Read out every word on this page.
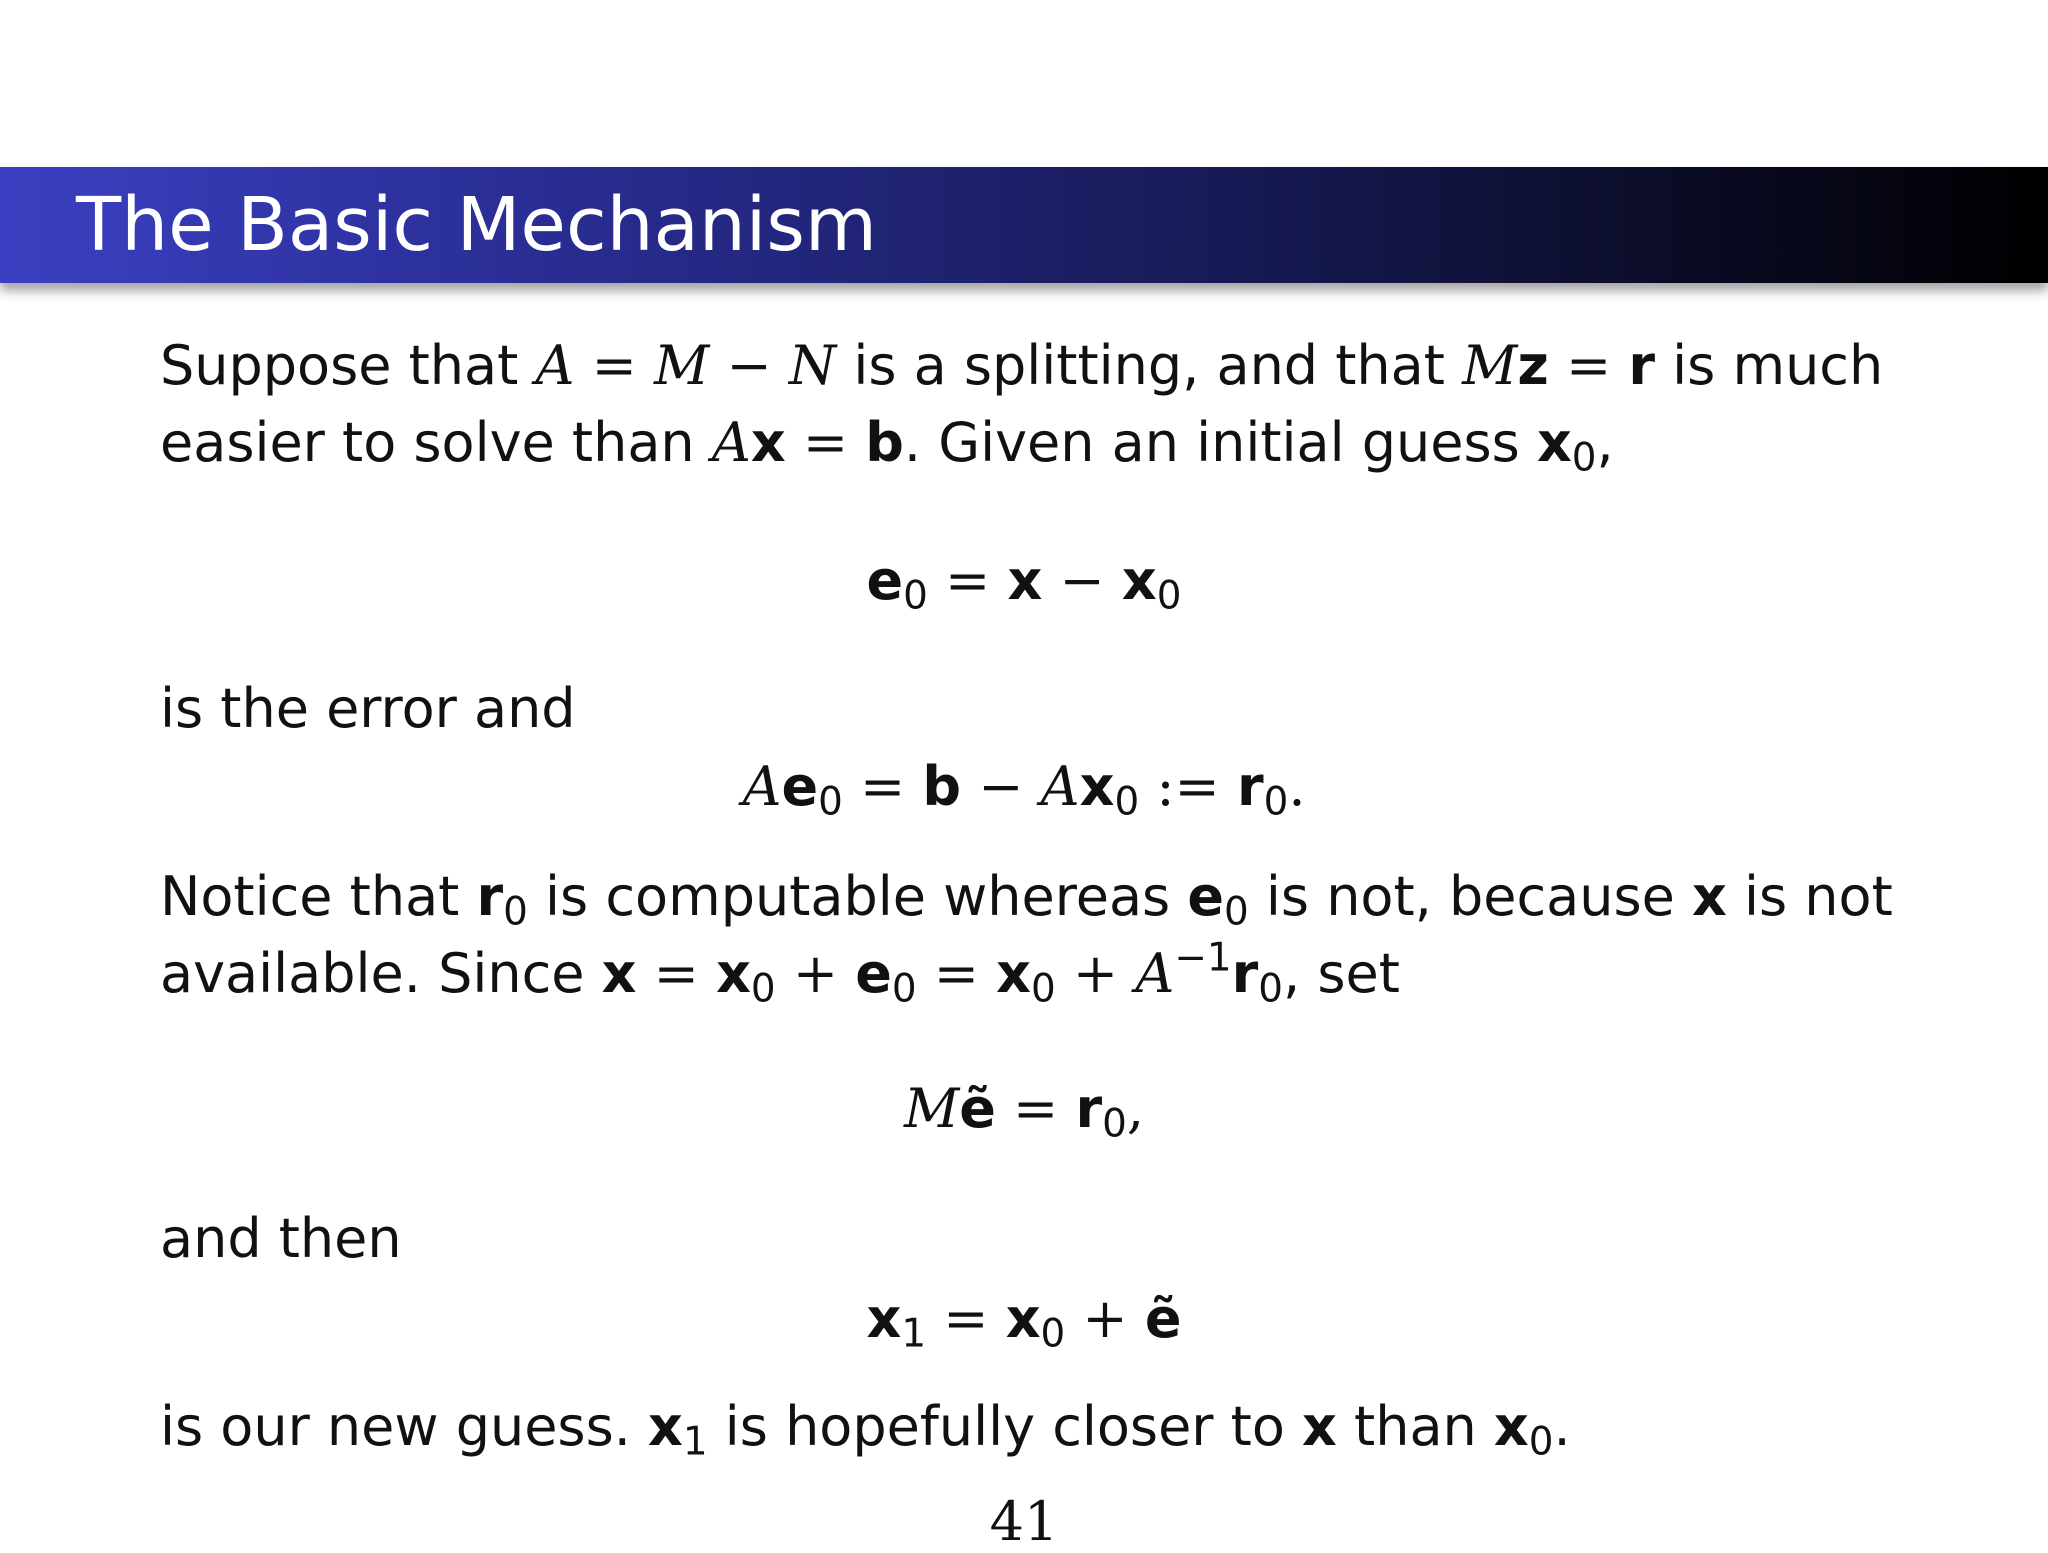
The Basic Mechanism
Suppose that A = M − N is a splitting, and that Mz = r is much
easier to solve than Ax = b. Given an initial guess $x_0$,
$e_0 = x - x_0$
is the error and
$Ae_0 = b - Ax_0$ := $r_0$.
Notice that $r_0$ is computable whereas $e_0$ is not, because x is not
available. Since $x = x_0 + e_0 = x_0 + A^{-1}r_0$, set
Mẽ = $r_0$,
and then
$x_1 = x_0$ + ẽ
is our new guess. $x_1$ is hopefully closer to x than $x_0$.
41
